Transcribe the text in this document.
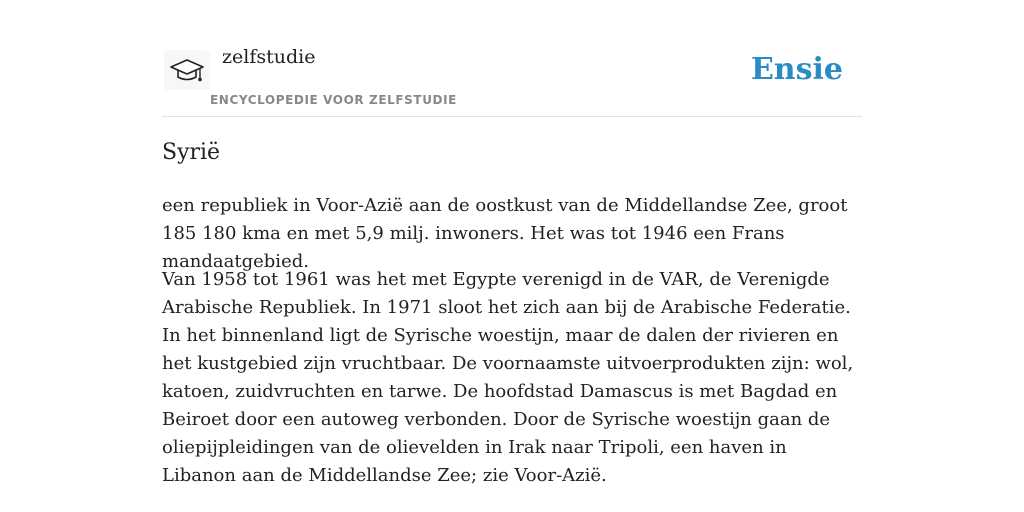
zelfstudie
ENCYCLOPEDIE VOOR ZELFSTUDIE
Ensie
Syrië

een republiek in Voor-Azië aan de oostkust van de Middellandse Zee, groot 185 180 kma en met 5,9 milj. inwoners. Het was tot 1946 een Frans mandaatgebied.

Van 1958 tot 1961 was het met Egypte verenigd in de VAR, de Verenigde Arabische Republiek. In 1971 sloot het zich aan bij de Arabische Federatie. In het binnenland ligt de Syrische woestijn, maar de dalen der rivieren en het kustgebied zijn vruchtbaar. De voornaamste uitvoerprodukten zijn: wol, katoen, zuidvruchten en tarwe. De hoofdstad Damascus is met Bagdad en Beiroet door een autoweg verbonden. Door de Syrische woestijn gaan de oliepijpleidingen van de olievelden in Irak naar Tripoli, een haven in Libanon aan de Middellandse Zee; zie Voor-Azië.
